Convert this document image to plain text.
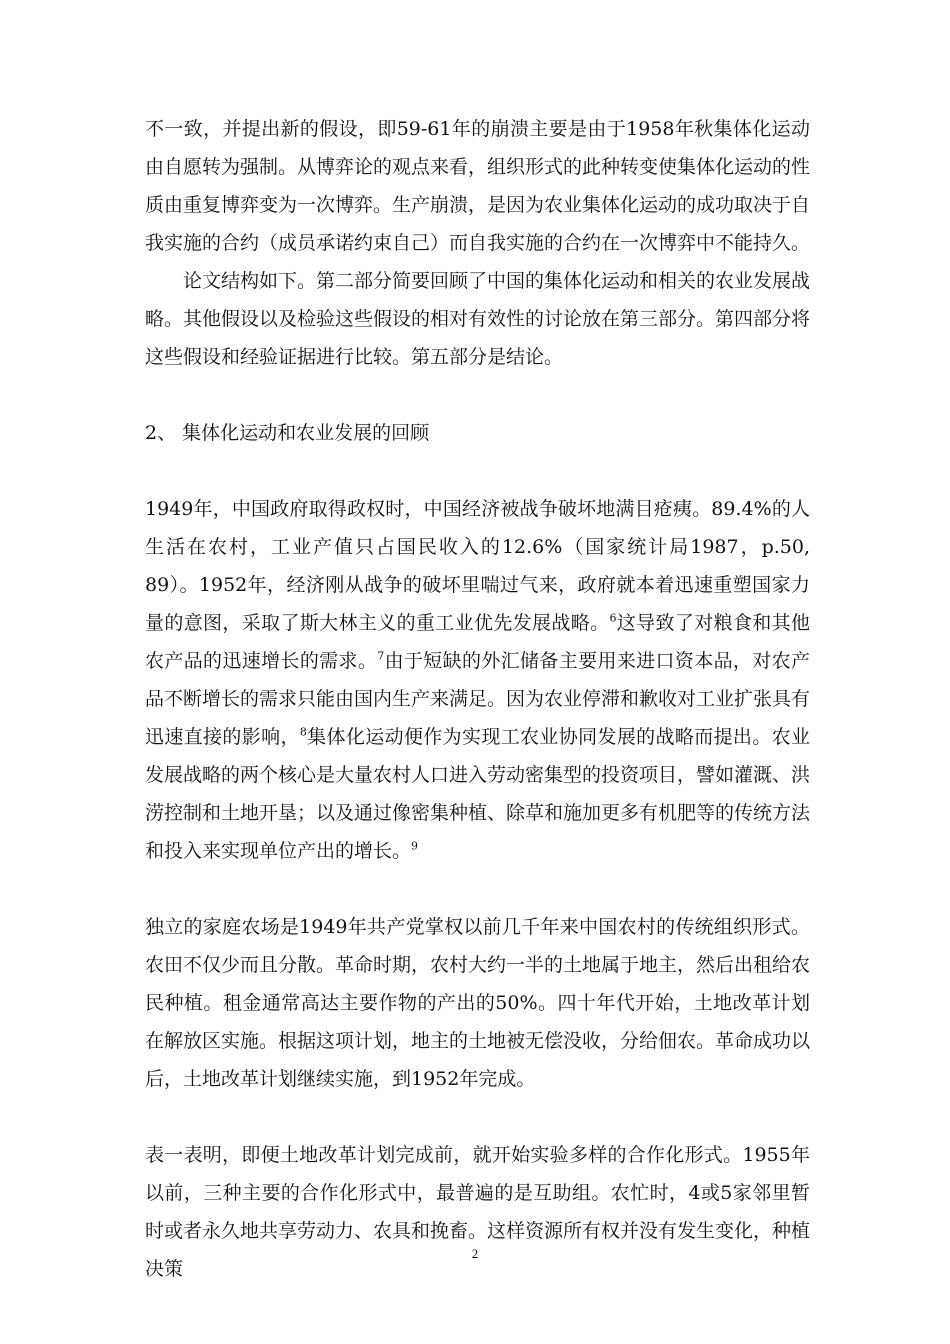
不一致，并提出新的假设，即59-61年的崩溃主要是由于1958年秋集体化运动由自愿转为强制。从博弈论的观点来看，组织形式的此种转变使集体化运动的性质由重复博弈变为一次博弈。生产崩溃，是因为农业集体化运动的成功取决于自我实施的合约（成员承诺约束自己）而自我实施的合约在一次博弈中不能持久。

论文结构如下。第二部分简要回顾了中国的集体化运动和相关的农业发展战略。其他假设以及检验这些假设的相对有效性的讨论放在第三部分。第四部分将这些假设和经验证据进行比较。第五部分是结论。

2、 集体化运动和农业发展的回顾

1949年，中国政府取得政权时，中国经济被战争破坏地满目疮痍。89.4%的人生活在农村，工业产值只占国民收入的12.6%（国家统计局1987，p.50, 89）。1952年，经济刚从战争的破坏里喘过气来，政府就本着迅速重塑国家力量的意图，采取了斯大林主义的重工业优先发展战略。$^6$这导致了对粮食和其他农产品的迅速增长的需求。$^7$由于短缺的外汇储备主要用来进口资本品，对农产品不断增长的需求只能由国内生产来满足。因为农业停滞和歉收对工业扩张具有迅速直接的影响，$^8$集体化运动便作为实现工农业协同发展的战略而提出。农业发展战略的两个核心是大量农村人口进入劳动密集型的投资项目，譬如灌溉、洪涝控制和土地开垦；以及通过像密集种植、除草和施加更多有机肥等的传统方法和投入来实现单位产出的增长。$^9$

独立的家庭农场是1949年共产党掌权以前几千年来中国农村的传统组织形式。农田不仅少而且分散。革命时期，农村大约一半的土地属于地主，然后出租给农民种植。租金通常高达主要作物的产出的50%。四十年代开始，土地改革计划在解放区实施。根据这项计划，地主的土地被无偿没收，分给佃农。革命成功以后，土地改革计划继续实施，到1952年完成。

表一表明，即便土地改革计划完成前，就开始实验多样的合作化形式。1955年以前，三种主要的合作化形式中，最普遍的是互助组。农忙时，4或5家邻里暂时或者永久地共享劳动力、农具和挽畜。这样资源所有权并没有发生变化，种植决策

2
